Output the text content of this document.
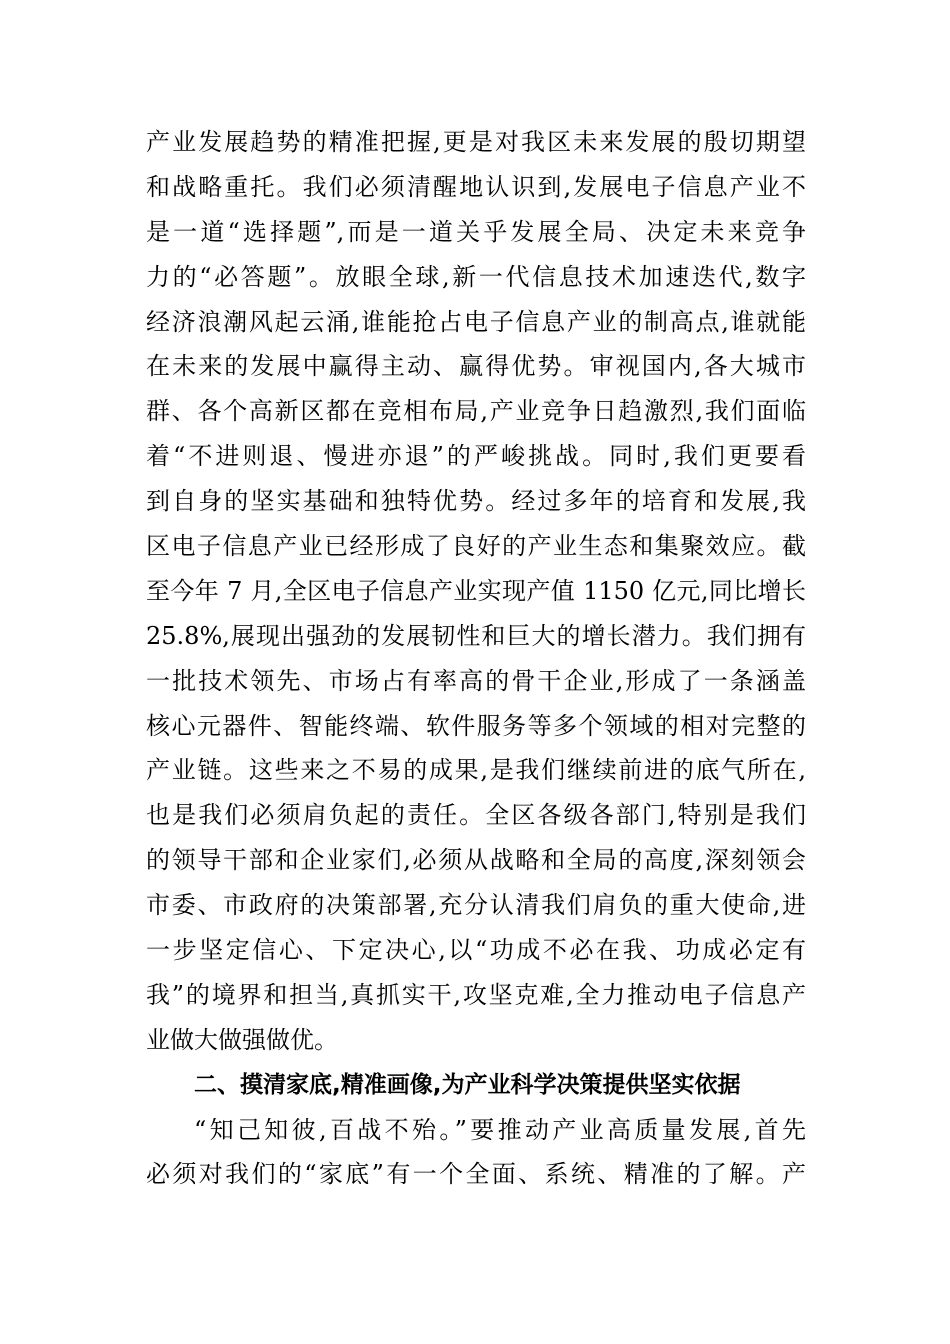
产业发展趋势的精准把握,更是对我区未来发展的殷切期望
和战略重托。我们必须清醒地认识到,发展电子信息产业不
是一道“选择题”,而是一道关乎发展全局、决定未来竞争
力的“必答题”。放眼全球,新一代信息技术加速迭代,数字
经济浪潮风起云涌,谁能抢占电子信息产业的制高点,谁就能
在未来的发展中赢得主动、赢得优势。审视国内,各大城市
群、各个高新区都在竞相布局,产业竞争日趋激烈,我们面临
着“不进则退、慢进亦退”的严峻挑战。同时,我们更要看
到自身的坚实基础和独特优势。经过多年的培育和发展,我
区电子信息产业已经形成了良好的产业生态和集聚效应。截
至今年 7 月,全区电子信息产业实现产值 1150 亿元,同比增长
25.8%,展现出强劲的发展韧性和巨大的增长潜力。我们拥有
一批技术领先、市场占有率高的骨干企业,形成了一条涵盖
核心元器件、智能终端、软件服务等多个领域的相对完整的
产业链。这些来之不易的成果,是我们继续前进的底气所在,
也是我们必须肩负起的责任。全区各级各部门,特别是我们
的领导干部和企业家们,必须从战略和全局的高度,深刻领会
市委、市政府的决策部署,充分认清我们肩负的重大使命,进
一步坚定信心、下定决心,以“功成不必在我、功成必定有
我”的境界和担当,真抓实干,攻坚克难,全力推动电子信息产
业做大做强做优。
二、摸清家底,精准画像,为产业科学决策提供坚实依据
“知己知彼,百战不殆。”要推动产业高质量发展,首先
必须对我们的“家底”有一个全面、系统、精准的了解。产
